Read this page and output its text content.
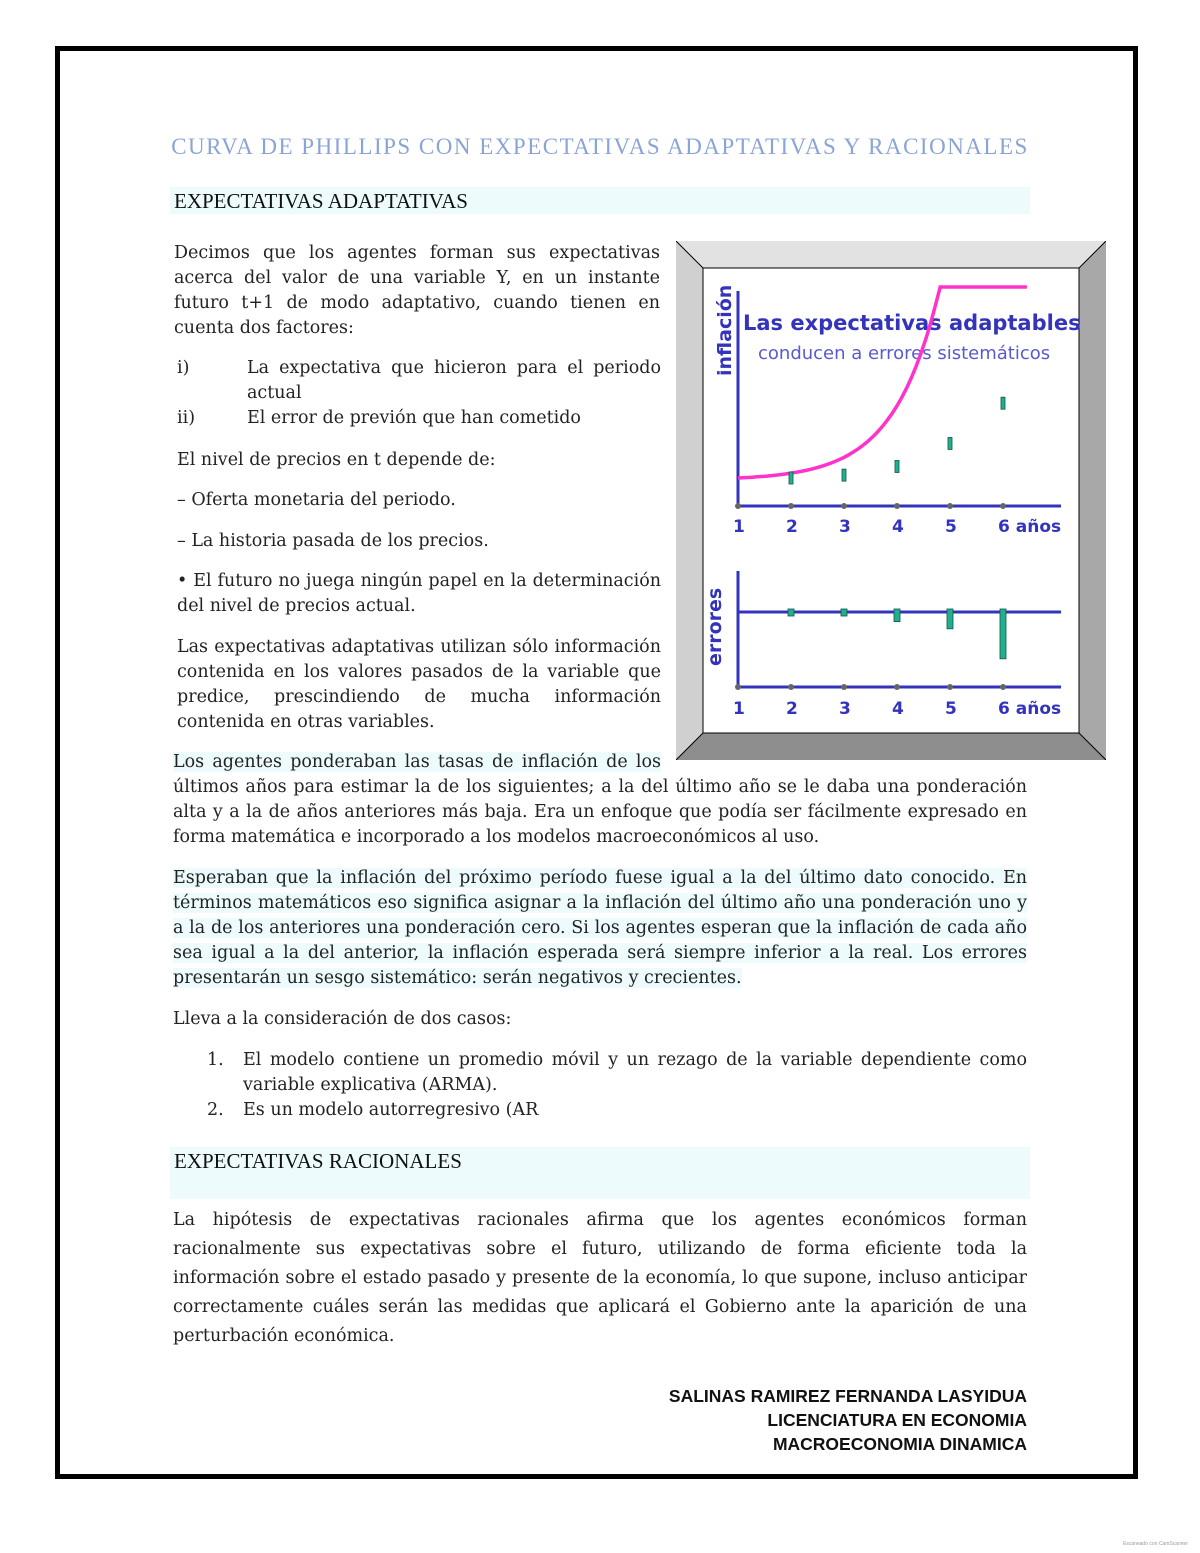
CURVA DE PHILLIPS CON EXPECTATIVAS ADAPTATIVAS Y RACIONALES
EXPECTATIVAS ADAPTATIVAS

Decimos que los agentes forman sus expectativas acerca del valor de una variable Y, en un instante futuro t+1 de modo adaptativo, cuando tienen en cuenta dos factores:

i)	La expectativa que hicieron para el periodo actual
ii)	El error de previón que han cometido
El nivel de precios en t depende de:
– Oferta monetaria del periodo.
– La historia pasada de los precios.
• El futuro no juega ningún papel en la determinación del nivel de precios actual.

Las expectativas adaptativas utilizan sólo información contenida en los valores pasados de la variable que predice, prescindiendo de mucha información contenida en otras variables.

Los agentes ponderaban las tasas de inflación de los

últimos años para estimar la de los siguientes; a la del último año se le daba una ponderación alta y a la de años anteriores más baja. Era un enfoque que podía ser fácilmente expresado en forma matemática e incorporado a los modelos macroeconómicos al uso.

Esperaban que la inflación del próximo período fuese igual a la del último dato conocido. En términos matemáticos eso significa asignar a la inflación del último año una ponderación uno y a la de los anteriores una ponderación cero. Si los agentes esperan que la inflación de cada año sea igual a la del anterior, la inflación esperada será siempre inferior a la real. Los errores presentarán un sesgo sistemático: serán negativos y crecientes.

Lleva a la consideración de dos casos:
1.	El modelo contiene un promedio móvil y un rezago de la variable dependiente como variable explicativa (ARMA).
2.	Es un modelo autorregresivo (AR
EXPECTATIVAS RACIONALES

La hipótesis de expectativas racionales afirma que los agentes económicos forman racionalmente sus expectativas sobre el futuro, utilizando de forma eficiente toda la información sobre el estado pasado y presente de la economía, lo que supone, incluso anticipar correctamente cuáles serán las medidas que aplicará el Gobierno ante la aparición de una perturbación económica.

inflación Las expectativas adaptables
conducen a errores sistemáticos
errores
1 2 3 4 5 6 años
1 2 3 4 5 6 años
SALINAS RAMIREZ FERNANDA LASYIDUA
LICENCIATURA EN ECONOMIA
MACROECONOMIA DINAMICA
Escaneado con CamScanner
